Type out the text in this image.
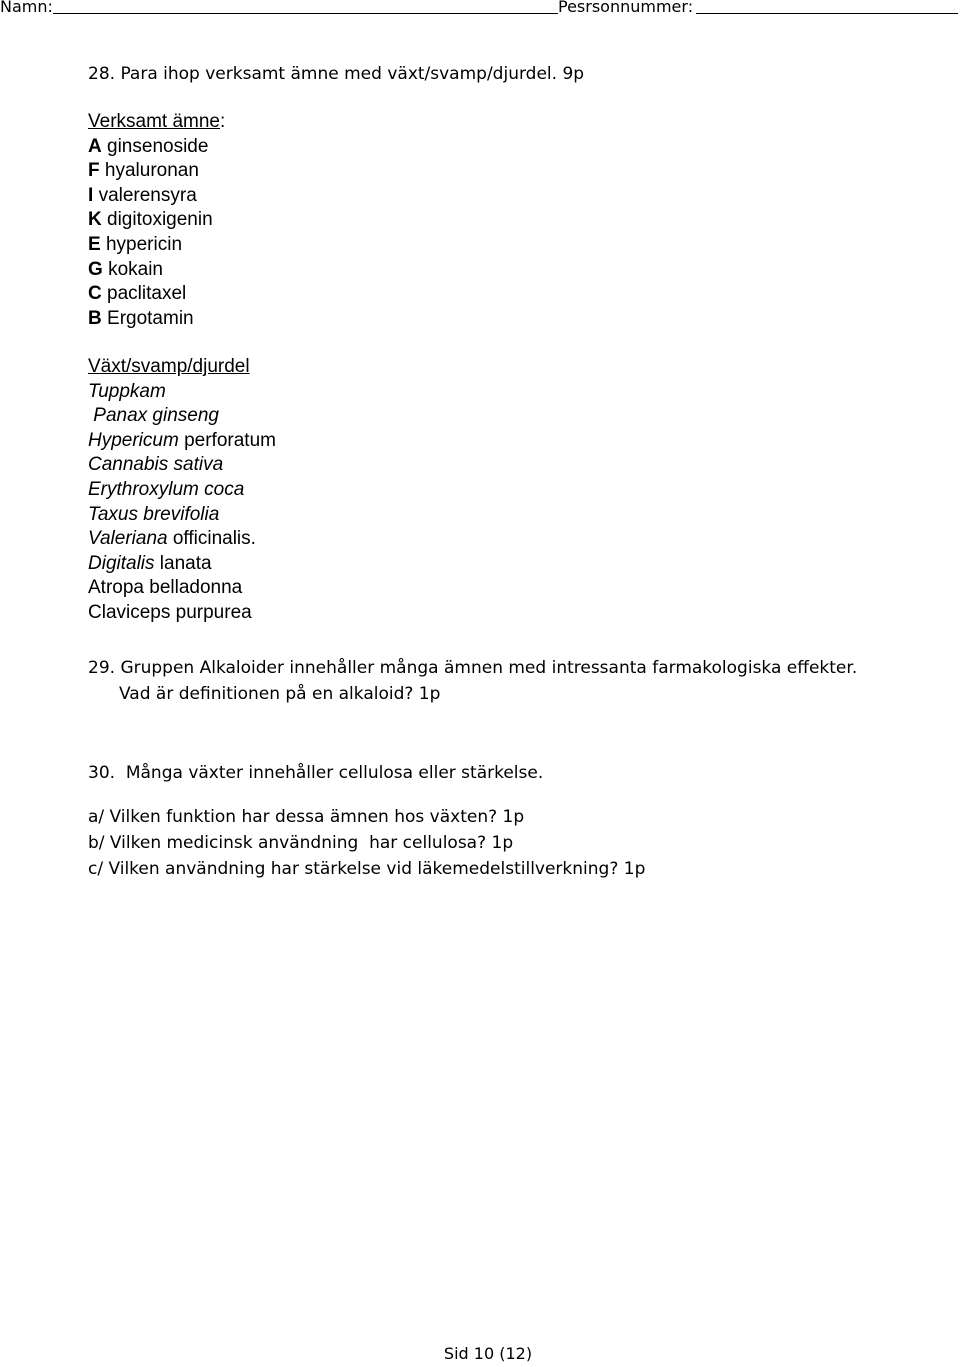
Namn:	Pesrsonnummer:
28. Para ihop verksamt ämne med växt/svamp/djurdel. 9p
Verksamt ämne:
A ginsenoside
F hyaluronan
I valerensyra
K digitoxigenin
E hypericin
G kokain
C paclitaxel
B Ergotamin
Växt/svamp/djurdel
Tuppkam
Panax ginseng
Hypericum perforatum
Cannabis sativa
Erythroxylum coca
Taxus brevifolia
Valeriana officinalis.
Digitalis lanata
Atropa belladonna
Claviceps purpurea
29. Gruppen Alkaloider innehåller många ämnen med intressanta farmakologiska effekter.
Vad är definitionen på en alkaloid? 1p
30.  Många växter innehåller cellulosa eller stärkelse.
a/ Vilken funktion har dessa ämnen hos växten? 1p
b/ Vilken medicinsk användning  har cellulosa? 1p
c/ Vilken användning har stärkelse vid läkemedelstillverkning? 1p
Sid 10 (12)
